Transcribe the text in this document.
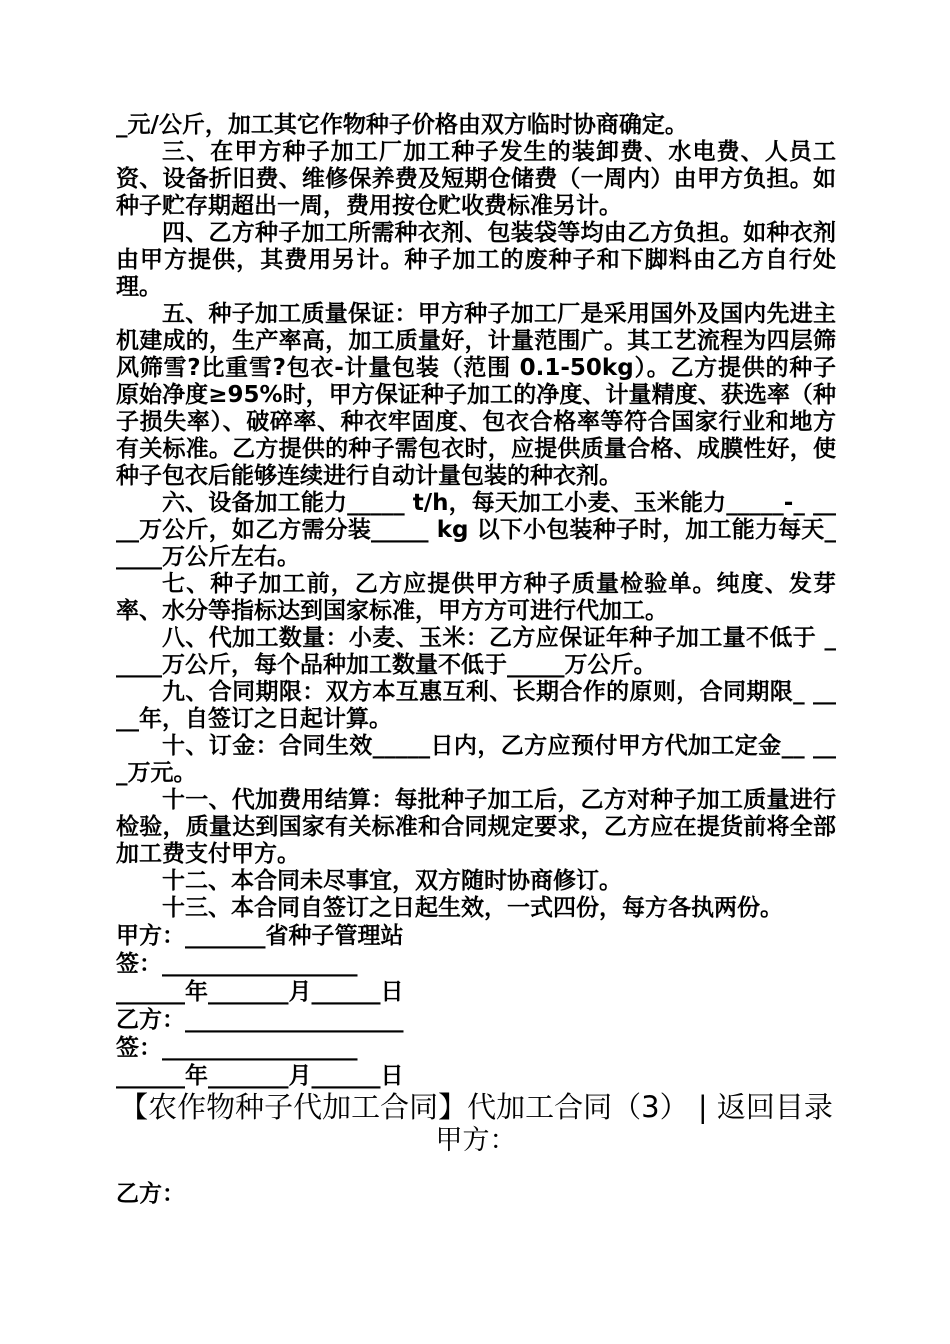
_元/公斤，加工其它作物种子价格由双方临时协商确定。

三、在甲方种子加工厂加工种子发生的装卸费、水电费、人员工资、设备折旧费、维修保养费及短期仓储费（一周内）由甲方负担。如种子贮存期超出一周，费用按仓贮收费标准另计。

四、乙方种子加工所需种衣剂、包装袋等均由乙方负担。如种衣剂由甲方提供，其费用另计。种子加工的废种子和下脚料由乙方自行处理。

五、种子加工质量保证：甲方种子加工厂是采用国外及国内先进主机建成的，生产率高，加工质量好，计量范围广。其工艺流程为四层筛风筛雪?比重雪?包衣-计量包装（范围 0.1-50kg）。乙方提供的种子原始净度≥95%时，甲方保证种子加工的净度、计量精度、获选率（种子损失率）、破碎率、种衣牢固度、包衣合格率等符合国家行业和地方有关标准。乙方提供的种子需包衣时，应提供质量合格、成膜性好，使种子包衣后能够连续进行自动计量包装的种衣剂。

六、设备加工能力_____ t/h，每天加工小麦、玉米能力_____-_ ____万公斤，如乙方需分装_____ kg 以下小包装种子时，加工能力每天_____万公斤左右。

七、种子加工前，乙方应提供甲方种子质量检验单。纯度、发芽率、水分等指标达到国家标准，甲方方可进行代加工。

八、代加工数量：小麦、玉米：乙方应保证年种子加工量不低于 _____万公斤，每个品种加工数量不低于_____万公斤。

九、合同期限：双方本互惠互利、长期合作的原则，合同期限_ ____年，自签订之日起计算。

十、订金：合同生效_____日内，乙方应预付甲方代加工定金__ ___万元。

十一、代加费用结算：每批种子加工后，乙方对种子加工质量进行检验，质量达到国家有关标准和合同规定要求，乙方应在提货前将全部加工费支付甲方。

十二、本合同未尽事宜，双方随时协商修订。

十三、本合同自签订之日起生效，一式四份，每方各执两份。

甲方：_______省种子管理站

签：_________________

______年_______月______日

乙方：___________________

签：_________________

______年_______月______日

【农作物种子代加工合同】代加工合同（3） | 返回目录

甲方：

乙方：
